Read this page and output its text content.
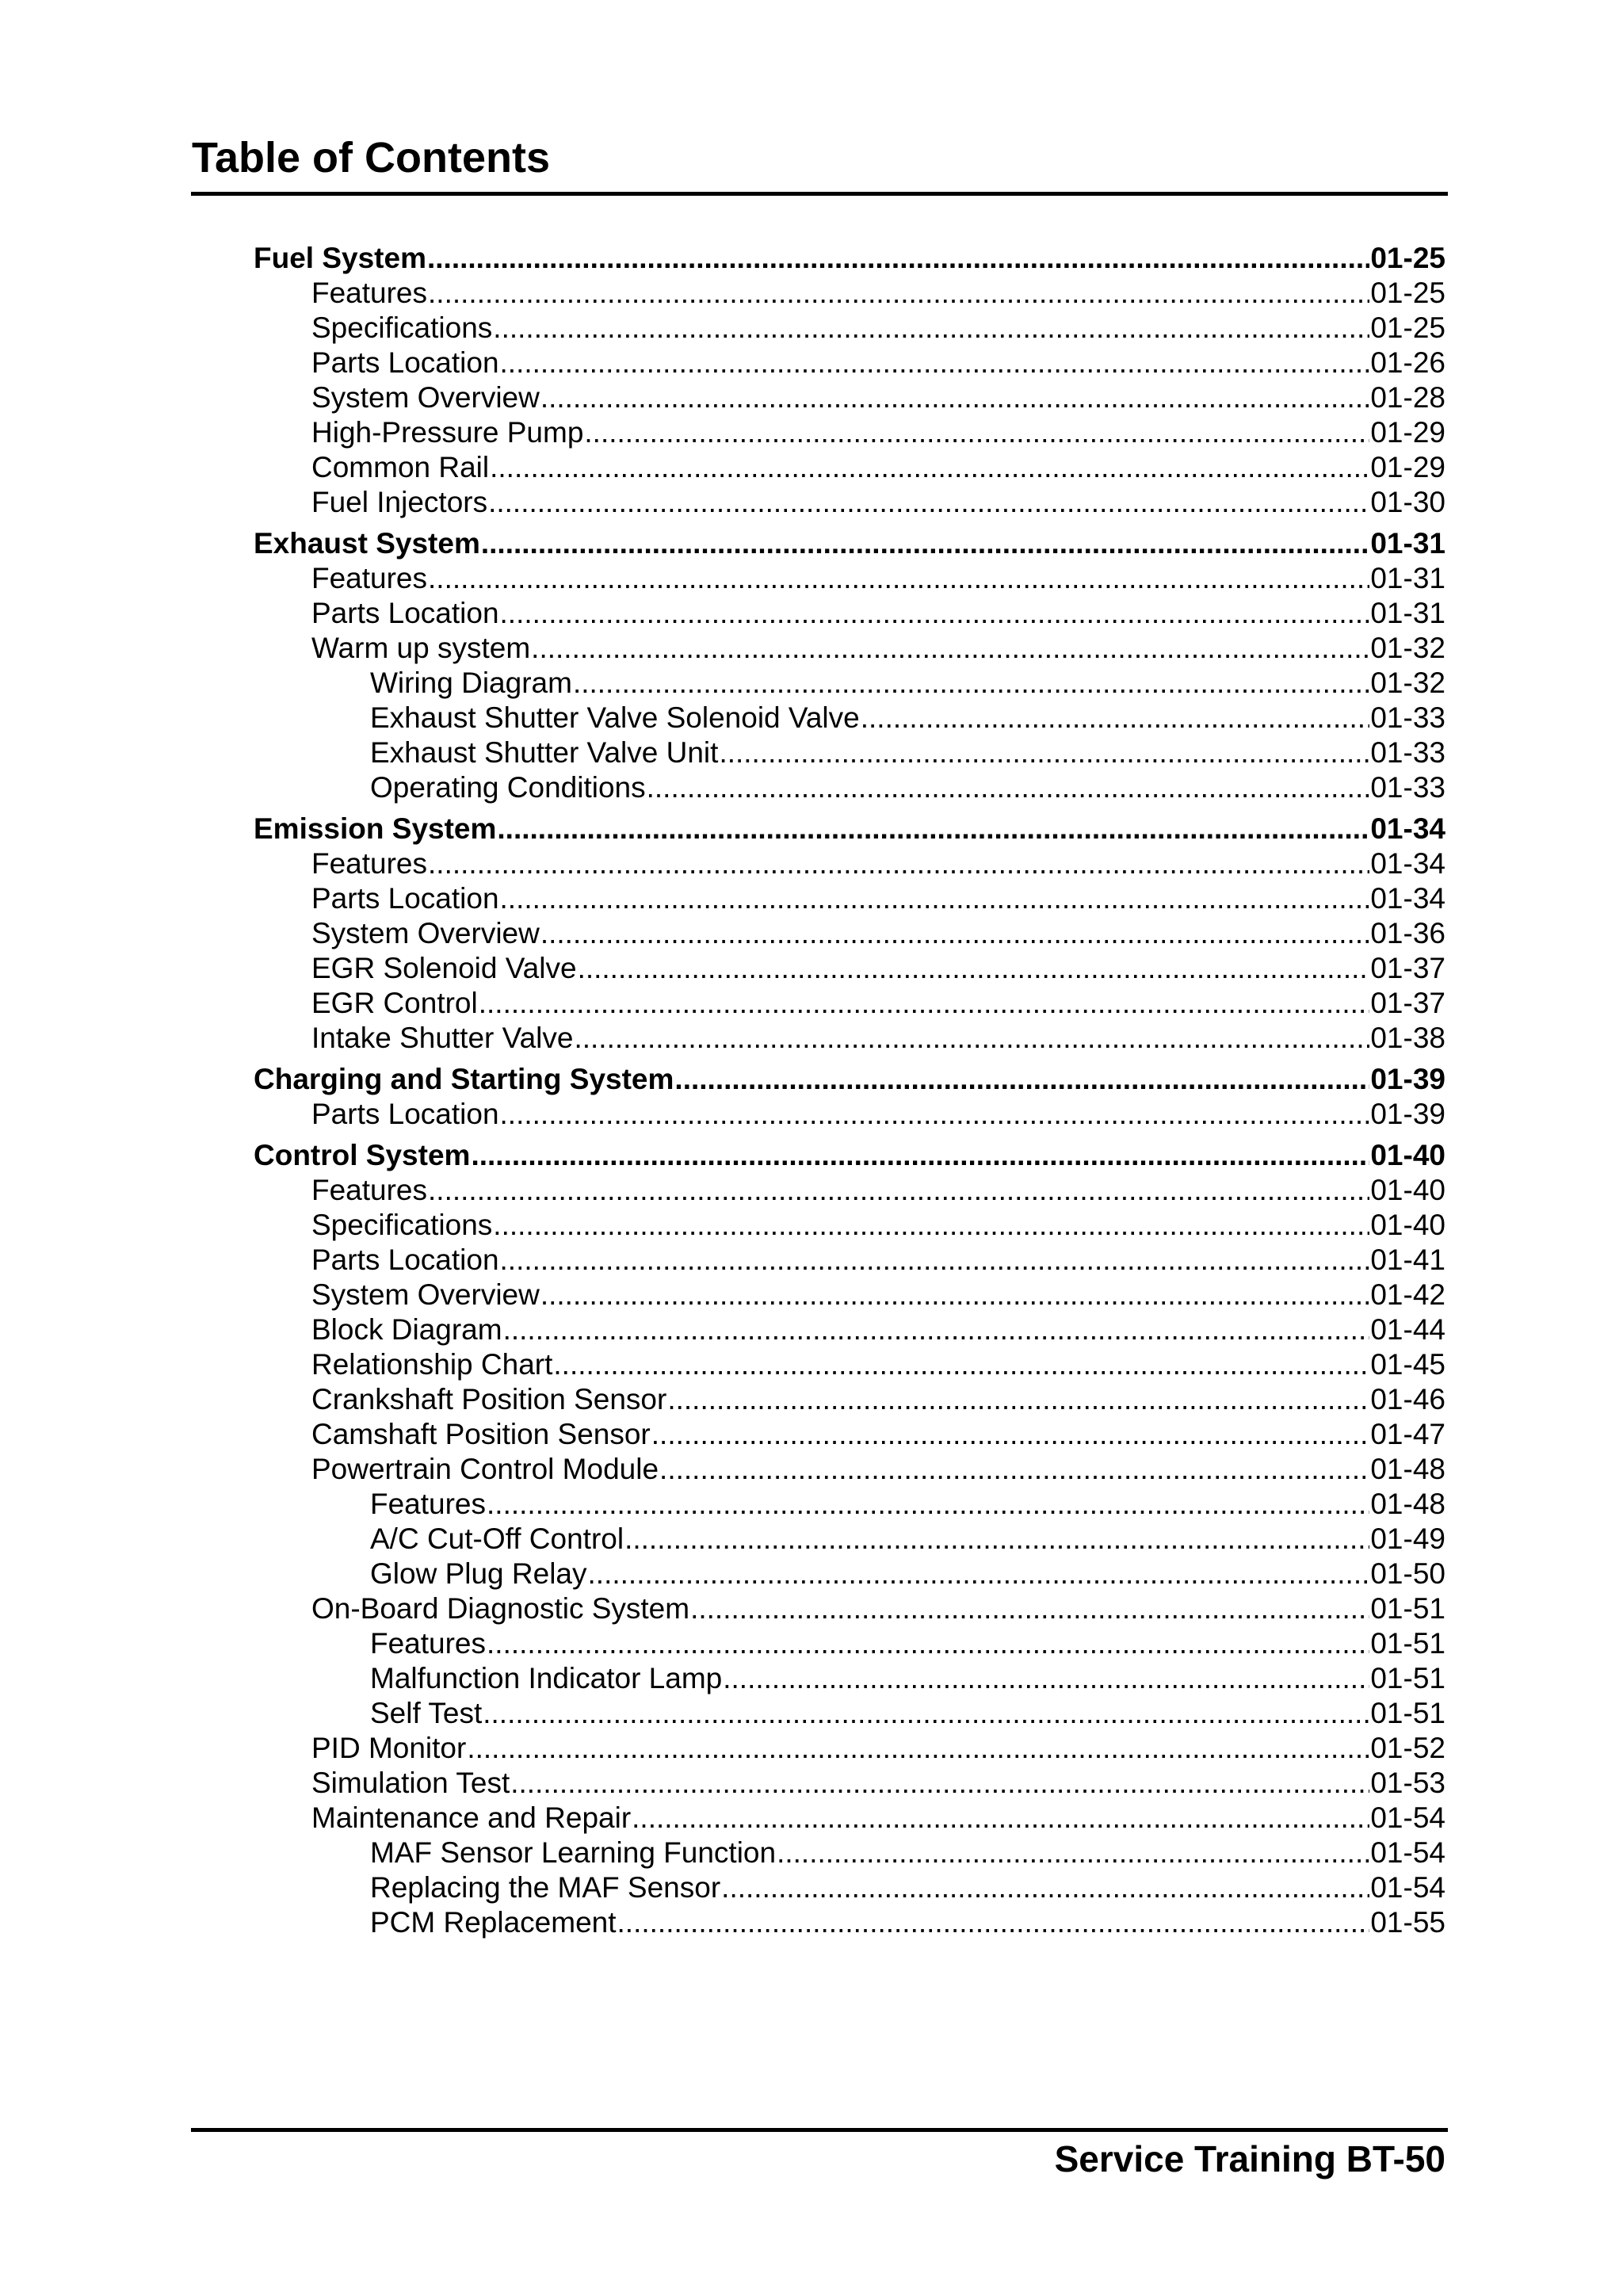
Table of Contents
Fuel System .....	01-25
Features .....	01-25
Specifications .....	01-25
Parts Location .....	01-26
System Overview .....	01-28
High-Pressure Pump .....	01-29
Common Rail .....	01-29
Fuel Injectors .....	01-30
Exhaust System .....	01-31
Features .....	01-31
Parts Location .....	01-31
Warm up system .....	01-32
Wiring Diagram .....	01-32
Exhaust Shutter Valve Solenoid Valve .....	01-33
Exhaust Shutter Valve Unit .....	01-33
Operating Conditions .....	01-33
Emission System .....	01-34
Features .....	01-34
Parts Location .....	01-34
System Overview .....	01-36
EGR Solenoid Valve .....	01-37
EGR Control .....	01-37
Intake Shutter Valve .....	01-38
Charging and Starting System .....	01-39
Parts Location .....	01-39
Control System .....	01-40
Features .....	01-40
Specifications .....	01-40
Parts Location .....	01-41
System Overview .....	01-42
Block Diagram .....	01-44
Relationship Chart .....	01-45
Crankshaft Position Sensor .....	01-46
Camshaft Position Sensor .....	01-47
Powertrain Control Module .....	01-48
Features .....	01-48
A/C Cut-Off Control .....	01-49
Glow Plug Relay .....	01-50
On-Board Diagnostic System .....	01-51
Features .....	01-51
Malfunction Indicator Lamp .....	01-51
Self Test .....	01-51
PID Monitor .....	01-52
Simulation Test .....	01-53
Maintenance and Repair .....	01-54
MAF Sensor Learning Function .....	01-54
Replacing the MAF Sensor .....	01-54
PCM Replacement .....	01-55
Service Training BT-50
